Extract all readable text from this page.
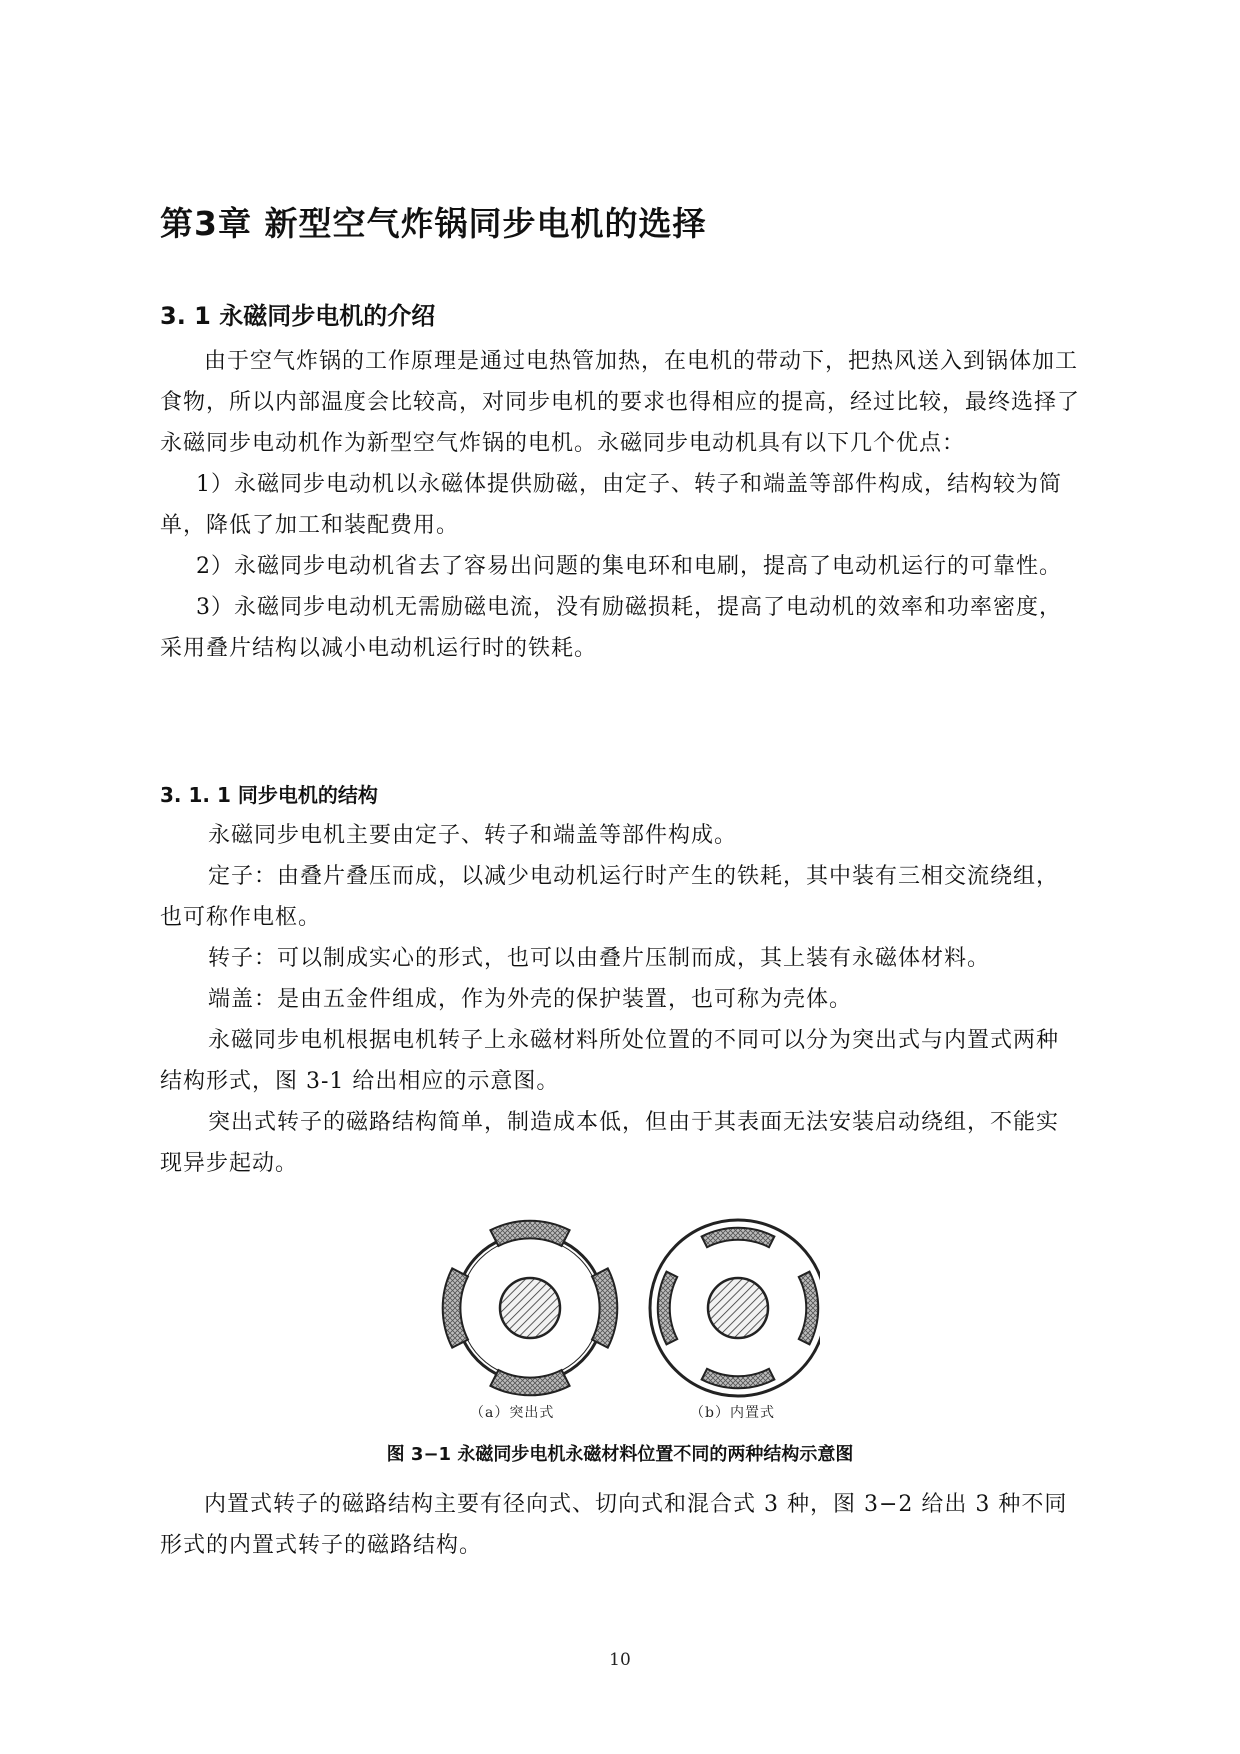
第3章 新型空气炸锅同步电机的选择
3. 1 永磁同步电机的介绍

由于空气炸锅的工作原理是通过电热管加热，在电机的带动下，把热风送入到锅体加工食物，所以内部温度会比较高，对同步电机的要求也得相应的提高，经过比较，最终选择了永磁同步电动机作为新型空气炸锅的电机。永磁同步电动机具有以下几个优点：

1）永磁同步电动机以永磁体提供励磁，由定子、转子和端盖等部件构成，结构较为简单，降低了加工和装配费用。

2）永磁同步电动机省去了容易出问题的集电环和电刷，提高了电动机运行的可靠性。

3）永磁同步电动机无需励磁电流，没有励磁损耗，提高了电动机的效率和功率密度，采用叠片结构以减小电动机运行时的铁耗。

3. 1. 1 同步电机的结构

永磁同步电机主要由定子、转子和端盖等部件构成。

定子：由叠片叠压而成，以减少电动机运行时产生的铁耗，其中装有三相交流绕组，也可称作电枢。

转子：可以制成实心的形式，也可以由叠片压制而成，其上装有永磁体材料。

端盖：是由五金件组成，作为外壳的保护装置，也可称为壳体。

永磁同步电机根据电机转子上永磁材料所处位置的不同可以分为突出式与内置式两种结构形式，图 3-1 给出相应的示意图。

突出式转子的磁路结构简单，制造成本低，但由于其表面无法安装启动绕组，不能实现异步起动。

（a）突出式	（b）内置式

图 3−1 永磁同步电机永磁材料位置不同的两种结构示意图

内置式转子的磁路结构主要有径向式、切向式和混合式 3 种，图 3−2 给出 3 种不同形式的内置式转子的磁路结构。

10
